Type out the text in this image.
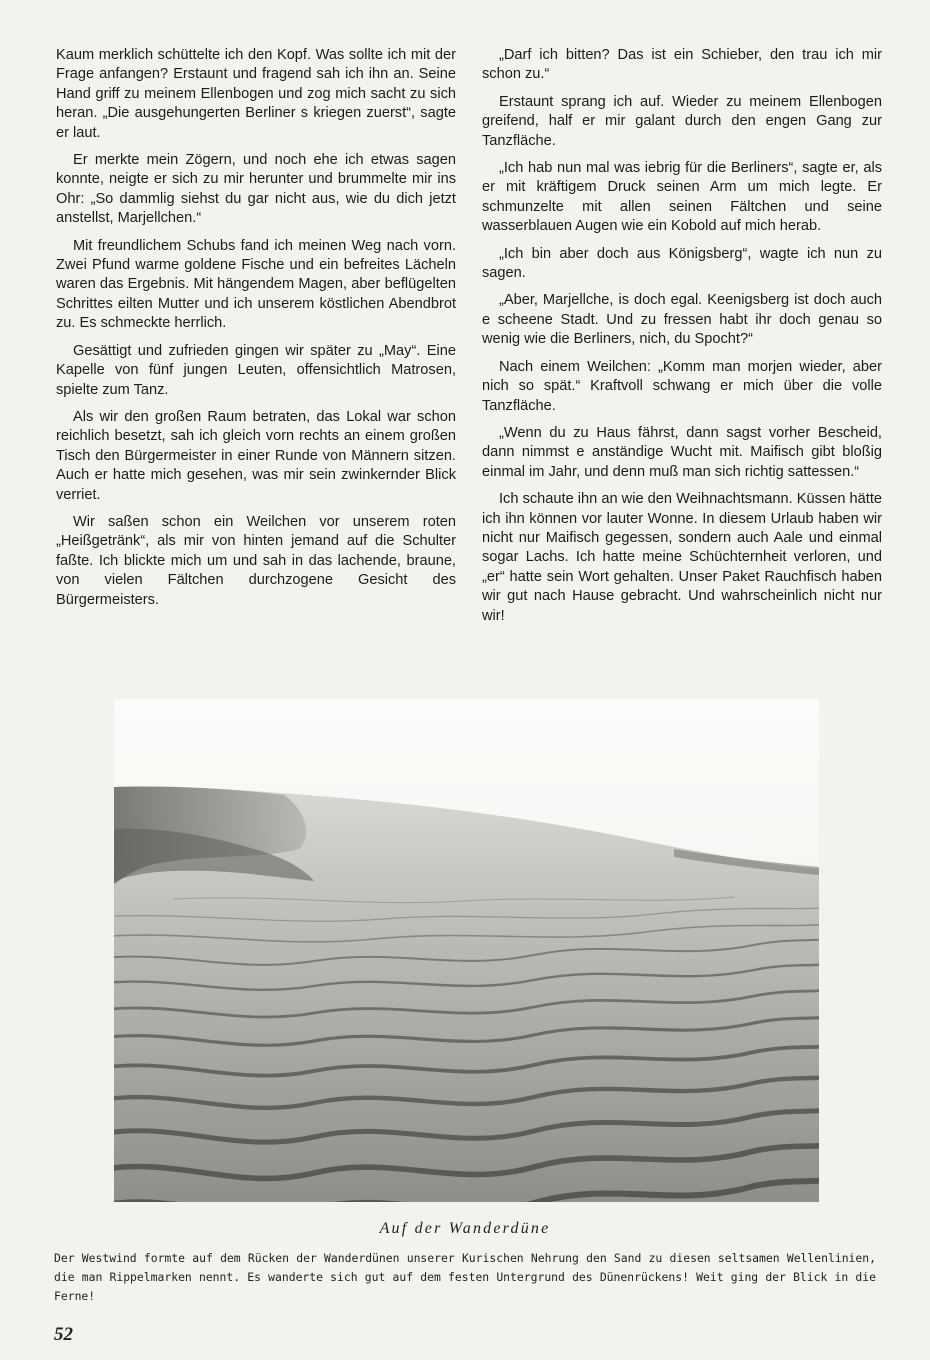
Kaum merklich schüttelte ich den Kopf. Was sollte ich mit der Frage anfangen? Erstaunt und fragend sah ich ihn an. Seine Hand griff zu meinem Ellenbogen und zog mich sacht zu sich heran. „Die ausgehungerten Berliner s kriegen zuerst“, sagte er laut.

Er merkte mein Zögern, und noch ehe ich etwas sagen konnte, neigte er sich zu mir herunter und brummelte mir ins Ohr: „So dammlig siehst du gar nicht aus, wie du dich jetzt anstellst, Marjellchen.“

Mit freundlichem Schubs fand ich meinen Weg nach vorn. Zwei Pfund warme goldene Fische und ein befreites Lächeln waren das Ergebnis. Mit hängendem Magen, aber beflügelten Schrittes eilten Mutter und ich unserem köstlichen Abendbrot zu. Es schmeckte herrlich.

Gesättigt und zufrieden gingen wir später zu „May“. Eine Kapelle von fünf jungen Leuten, offensichtlich Matrosen, spielte zum Tanz.

Als wir den großen Raum betraten, das Lokal war schon reichlich besetzt, sah ich gleich vorn rechts an einem großen Tisch den Bürgermeister in einer Runde von Männern sitzen. Auch er hatte mich gesehen, was mir sein zwinkernder Blick verriet.

Wir saßen schon ein Weilchen vor unserem roten „Heißgetränk“, als mir von hinten jemand auf die Schulter faßte. Ich blickte mich um und sah in das lachende, braune, von vielen Fältchen durchzogene Gesicht des Bürgermeisters.

„Darf ich bitten? Das ist ein Schieber, den trau ich mir schon zu.“

Erstaunt sprang ich auf. Wieder zu meinem Ellenbogen greifend, half er mir galant durch den engen Gang zur Tanzfläche.

„Ich hab nun mal was iebrig für die Berliners“, sagte er, als er mit kräftigem Druck seinen Arm um mich legte. Er schmunzelte mit allen seinen Fältchen und seine wasserblauen Augen wie ein Kobold auf mich herab.

„Ich bin aber doch aus Königsberg“, wagte ich nun zu sagen.

„Aber, Marjellche, is doch egal. Keenigsberg ist doch auch e scheene Stadt. Und zu fressen habt ihr doch genau so wenig wie die Berliners, nich, du Spocht?“

Nach einem Weilchen: „Komm man morjen wieder, aber nich so spät.“ Kraftvoll schwang er mich über die volle Tanzfläche.

„Wenn du zu Haus fährst, dann sagst vorher Bescheid, dann nimmst e anständige Wucht mit. Maifisch gibt bloßig einmal im Jahr, und denn muß man sich richtig sattessen.“

Ich schaute ihn an wie den Weihnachtsmann. Küssen hätte ich ihn können vor lauter Wonne. In diesem Urlaub haben wir nicht nur Maifisch gegessen, sondern auch Aale und einmal sogar Lachs. Ich hatte meine Schüchternheit verloren, und „er“ hatte sein Wort gehalten. Unser Paket Rauchfisch haben wir gut nach Hause gebracht. Und wahrscheinlich nicht nur wir!

Auf der Wanderdüne
Der Westwind formte auf dem Rücken der Wanderdünen unserer Kurischen Nehrung den Sand zu diesen seltsamen Wellenlinien, die man Rippelmarken nennt. Es wanderte sich gut auf dem festen Untergrund des Dünenrückens! Weit ging der Blick in die Ferne!
52
